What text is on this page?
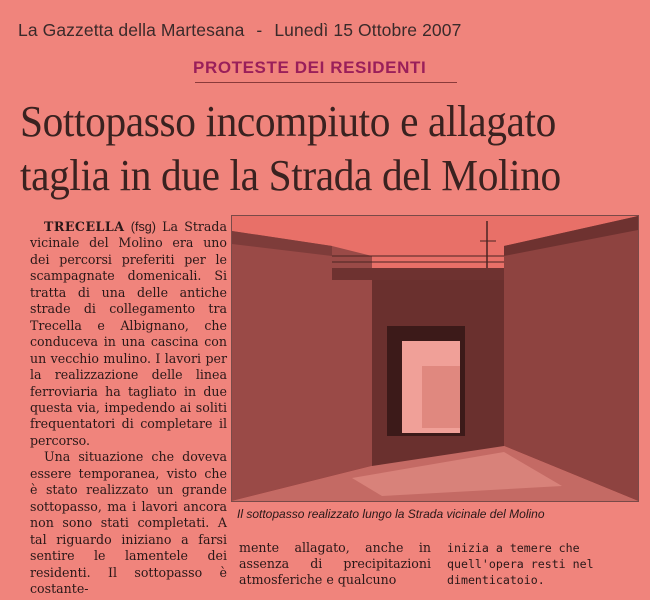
La Gazzetta della Martesana - Lunedì 15 Ottobre 2007
PROTESTE DEI RESIDENTI
Sottopasso incompiuto e allagato
taglia in due la Strada del Molino

TRECELLA (fsg) La Strada vicinale del Molino era uno dei percorsi preferiti per le scampagnate domenicali. Si tratta di una delle antiche strade di collegamento tra Trecella e Albignano, che conduceva in una cascina con un vecchio mulino. I lavori per la realizzazione delle linea ferroviaria ha tagliato in due questa via, impedendo ai soliti frequentatori di completare il percorso.

Una situazione che doveva essere temporanea, visto che è stato realizzato un grande sottopasso, ma i lavori ancora non sono stati completati. A tal riguardo iniziano a farsi sentire le lamentele dei residenti. Il sottopasso è costante-

Il sottopasso realizzato lungo la Strada vicinale del Molino
mente allagato, anche in assenza di precipitazioni atmosferiche e qualcuno
inizia a temere che quell'opera resti nel dimenticatoio.
